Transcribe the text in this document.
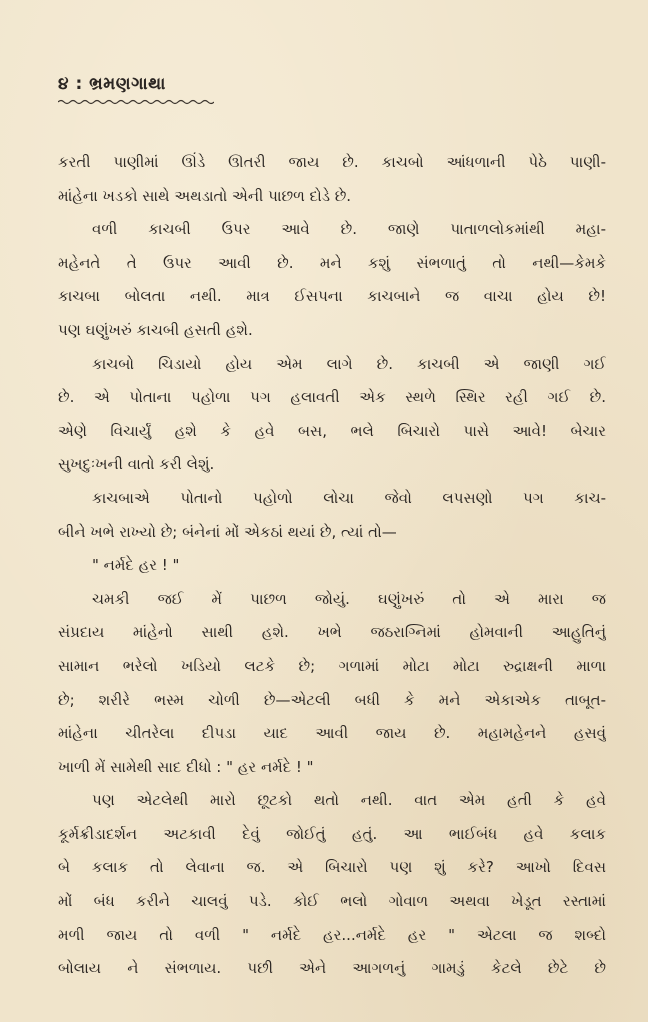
૪ : ભ્રમણગાથા
કરતી પાણીમાં ઊંડે ઊતરી જાય છે. કાચબો આંધળાની પેઠે પાણી-
માંહેના ખડકો સાથે અથડાતો એની પાછળ દોડે છે.
વળી કાચબી ઉપર આવે છે. જાણે પાતાળલોકમાંથી મહા-
મહેનતે તે ઉપર આવી છે. મને કશું સંભળાતું તો નથી—કેમકે
કાચબા બોલતા નથી. માત્ર ઈસપના કાચબાને જ વાચા હોય છે!
પણ ઘણુંખરું કાચબી હસતી હશે.
કાચબો ચિડાયો હોય એમ લાગે છે. કાચબી એ જાણી ગઈ
છે. એ પોતાના પહોળા પગ હલાવતી એક સ્થળે સ્થિર રહી ગઈ છે.
એણે વિચાર્યું હશે કે હવે બસ, ભલે બિચારો પાસે આવે! બેચાર
સુખદુઃખની વાતો કરી લેશું.
કાચબાએ પોતાનો પહોળો લોચા જેવો લપસણો પગ કાચ-
બીને ખભે રાખ્યો છે; બંનેનાં મોં એકઠાં થયાં છે, ત્યાં તો—
" નર્મદે હર ! "
ચમકી જઈ મેં પાછળ જોયું. ઘણુંખરું તો એ મારા જ
સંપ્રદાય માંહેનો સાથી હશે. ખભે જઠરાગ્નિમાં હોમવાની આહુતિનું
સામાન ભરેલો ખડિયો લટકે છે; ગળામાં મોટા મોટા રુદ્રાક્ષની માળા
છે; શરીરે ભસ્મ ચોળી છે—એટલી બધી કે મને એકાએક તાબૂત-
માંહેના ચીતરેલા દીપડા યાદ આવી જાય છે. મહામહેનને હસવું
ખાળી મેં સામેથી સાદ દીધો : " હર નર્મદે ! "
પણ એટલેથી મારો છૂટકો થતો નથી. વાત એમ હતી કે હવે
કૂર્મક્રીડાદર્શન અટકાવી દેવું જોઈતું હતું. આ ભાઈબંધ હવે કલાક
બે કલાક તો લેવાના જ. એ બિચારો પણ શું કરે? આખો દિવસ
મોં બંધ કરીને ચાલવું પડે. કોઈ ભલો ગોવાળ અથવા ખેડૂત રસ્તામાં
મળી જાય તો વળી " નર્મદે હર...નર્મદે હર " એટલા જ શબ્દો
બોલાય ને સંભળાય. પછી એને આગળનું ગામડું કેટલે છેટે છે
